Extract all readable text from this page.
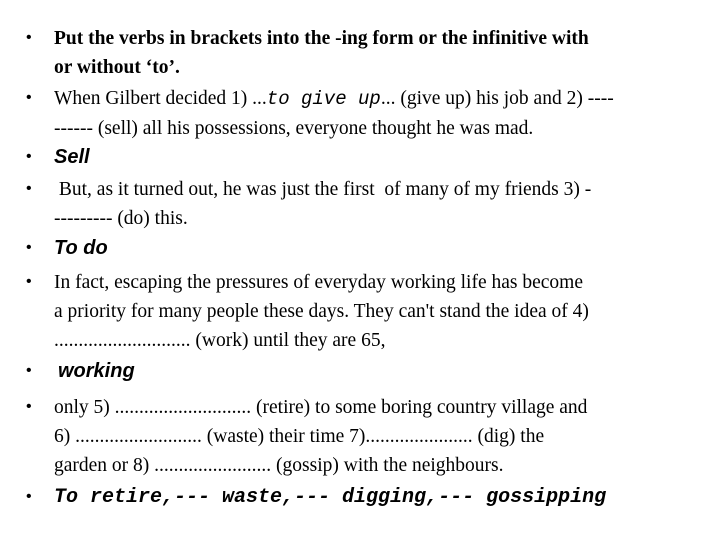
• Put the verbs in brackets into the -ing form or the infinitive with
or without ‘to’.
• When Gilbert decided 1) ...to give up... (give up) his job and 2) ----
------ (sell) all his possessions, everyone thought he was mad.
• Sell
• But, as it turned out, he was just the first  of many of my friends 3) -
--------- (do) this.
• To do
• In fact, escaping the pressures of everyday working life has become
a priority for many people these days. They can't stand the idea of 4)
............................ (work) until they are 65,
• working
• only 5) ............................ (retire) to some boring country village and
6) .......................... (waste) their time 7)...................... (dig) the
garden or 8) ........................ (gossip) with the neighbours.
• To retire,--- waste,--- digging,--- gossipping
